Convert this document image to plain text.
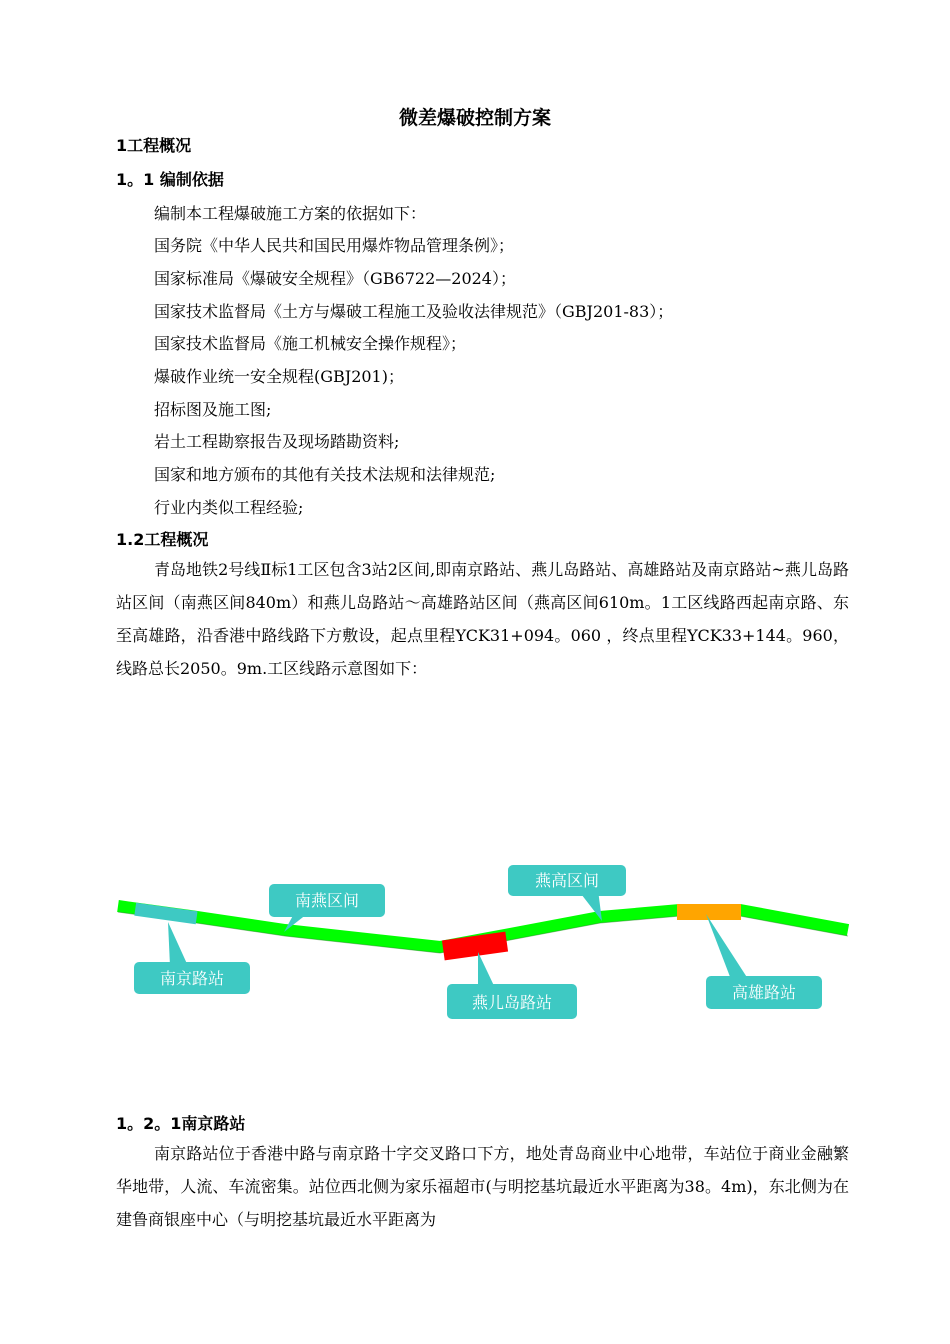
微差爆破控制方案
1工程概况
1。1 编制依据
编制本工程爆破施工方案的依据如下：
国务院《中华人民共和国民用爆炸物品管理条例》；
国家标准局《爆破安全规程》（GB6722—2024）；
国家技术监督局《土方与爆破工程施工及验收法律规范》（GBJ201-83）；
国家技术监督局《施工机械安全操作规程》；
爆破作业统一安全规程(GBJ201)；
招标图及施工图;
岩土工程勘察报告及现场踏勘资料;
国家和地方颁布的其他有关技术法规和法律规范;
行业内类似工程经验;
1.2工程概况

青岛地铁2号线Ⅱ标1工区包含3站2区间,即南京路站、燕儿岛路站、高雄路站及南京路站~燕儿岛路站区间（南燕区间840m）和燕儿岛路站～高雄路站区间（燕高区间610m。1工区线路西起南京路、东至高雄路，沿香港中路线路下方敷设，起点里程YCK31+094。060 ，终点里程YCK33+144。960，线路总长2050。9m.工区线路示意图如下：

南燕区间
燕高区间
南京路站
燕儿岛路站
高雄路站
1。2。1南京路站

南京路站位于香港中路与南京路十字交叉路口下方，地处青岛商业中心地带，车站位于商业金融繁华地带，人流、车流密集。站位西北侧为家乐福超市(与明挖基坑最近水平距离为38。4m)，东北侧为在建鲁商银座中心（与明挖基坑最近水平距离为
